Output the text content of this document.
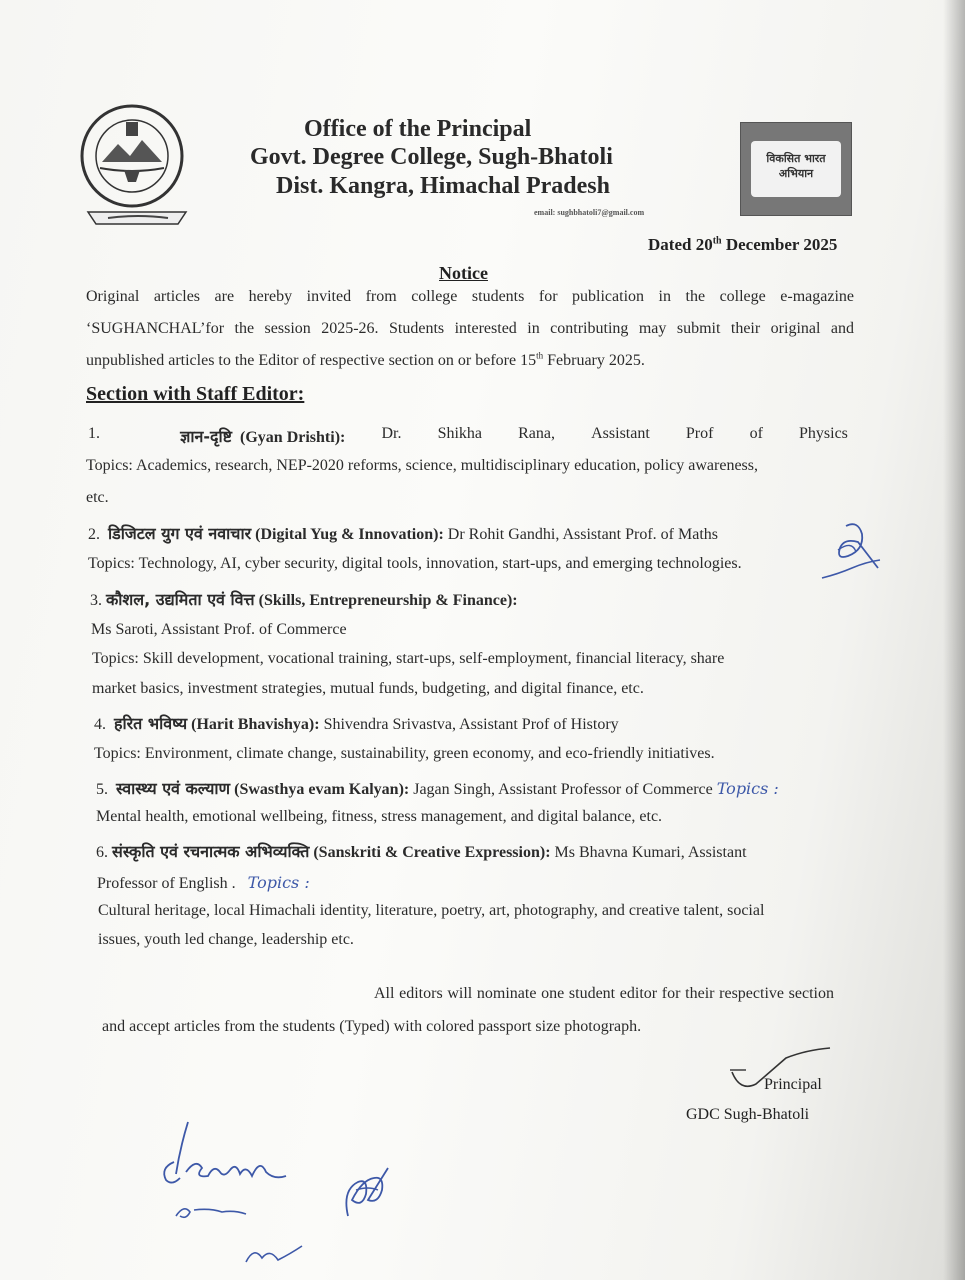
Office of the Principal
Govt. Degree College, Sugh-Bhatoli
Dist. Kangra, Himachal Pradesh
email: sughbhatoli7@gmail.com
विकसित भारत अभियान
Dated 20th December 2025
Notice
Original articles are hereby invited from college students for publication in the college e-magazine ‘SUGHANCHAL’for the session 2025-26. Students interested in contributing may submit their original and unpublished articles to the Editor of respective section on or before 15th February 2025.
Section with Staff Editor:
1.	ज्ञान-दृष्टि (Gyan Drishti): Dr. Shikha Rana, Assistant Prof of Physics
Topics: Academics, research, NEP-2020 reforms, science, multidisciplinary education, policy awareness,
etc.
2. डिजिटल युग एवं नवाचार (Digital Yug & Innovation): Dr Rohit Gandhi, Assistant Prof. of Maths
Topics: Technology, AI, cyber security, digital tools, innovation, start-ups, and emerging technologies.
3. कौशल, उद्यमिता एवं वित्त (Skills, Entrepreneurship & Finance):
Ms Saroti, Assistant Prof. of Commerce
Topics: Skill development, vocational training, start-ups, self-employment, financial literacy, share
market basics, investment strategies, mutual funds, budgeting, and digital finance, etc.
4. हरित भविष्य (Harit Bhavishya): Shivendra Srivastva, Assistant Prof of History
Topics: Environment, climate change, sustainability, green economy, and eco-friendly initiatives.
5. स्वास्थ्य एवं कल्याण (Swasthya evam Kalyan): Jagan Singh, Assistant Professor of Commerce Topics :
Mental health, emotional wellbeing, fitness, stress management, and digital balance, etc.
6. संस्कृति एवं रचनात्मक अभिव्यक्ति (Sanskriti & Creative Expression): Ms Bhavna Kumari, Assistant
Professor of English .   Topics :
Cultural heritage, local Himachali identity, literature, poetry, art, photography, and creative talent, social
issues, youth led change, leadership etc.
All editors will nominate one student editor for their respective section and accept articles from the students (Typed) with colored passport size photograph.
Principal
GDC Sugh-Bhatoli
